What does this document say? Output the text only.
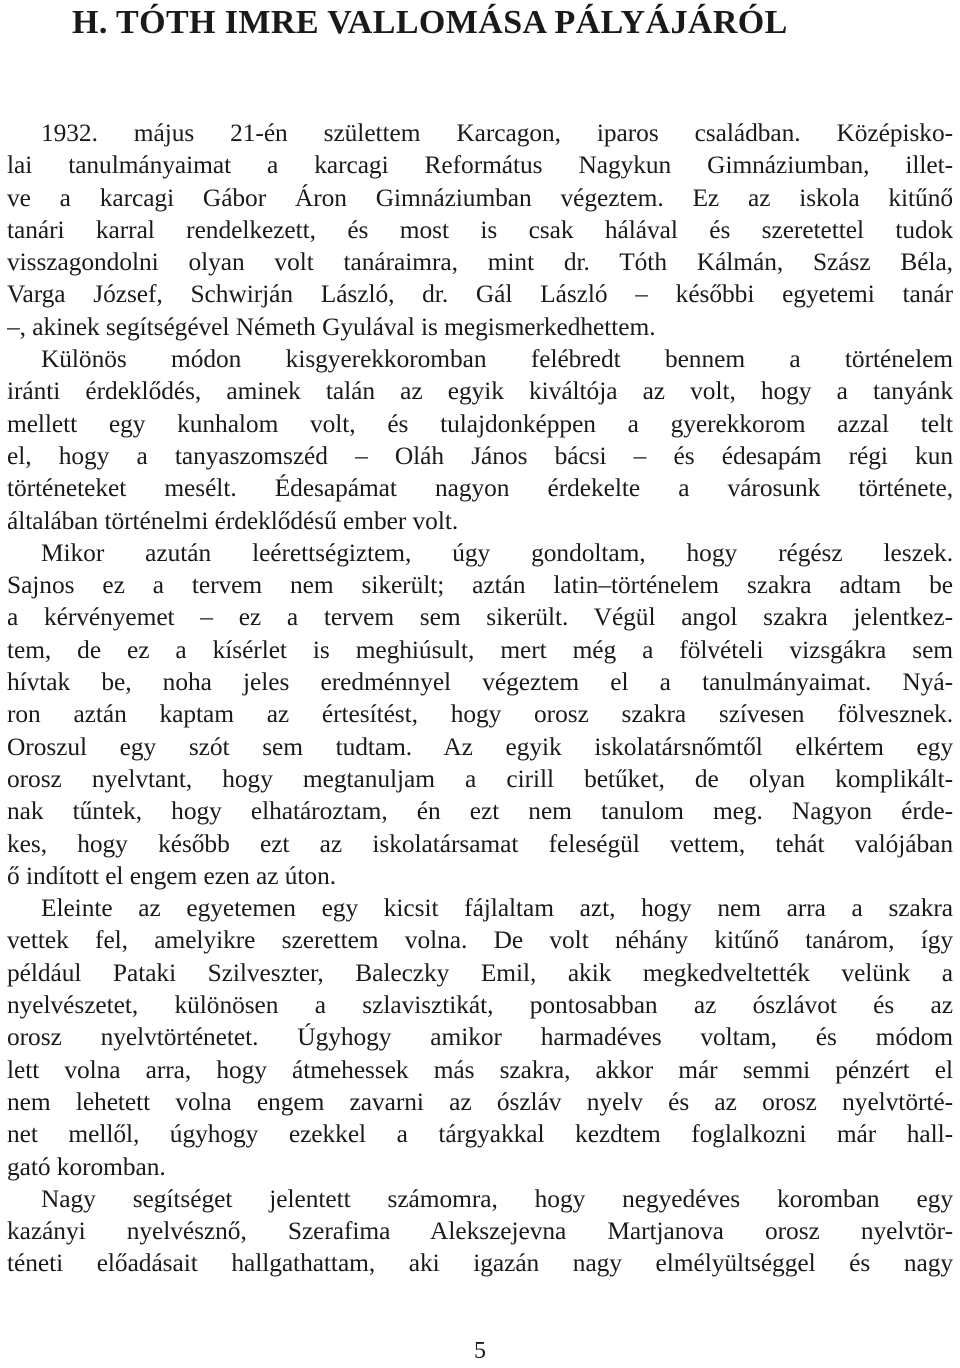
H. TÓTH IMRE VALLOMÁSA PÁLYÁJÁRÓL
1932. május 21-én születtem Karcagon, iparos családban. Középisko-
lai tanulmányaimat a karcagi Református Nagykun Gimnáziumban, illet-
ve a karcagi Gábor Áron Gimnáziumban végeztem. Ez az iskola kitűnő
tanári karral rendelkezett, és most is csak hálával és szeretettel tudok
visszagondolni olyan volt tanáraimra, mint dr. Tóth Kálmán, Szász Béla,
Varga József, Schwirján László, dr. Gál László – későbbi egyetemi tanár
–, akinek segítségével Németh Gyulával is megismerkedhettem.
Különös módon kisgyerekkoromban felébredt bennem a történelem
iránti érdeklődés, aminek talán az egyik kiváltója az volt, hogy a tanyánk
mellett egy kunhalom volt, és tulajdonképpen a gyerekkorom azzal telt
el, hogy a tanyaszomszéd – Oláh János bácsi – és édesapám régi kun
történeteket mesélt. Édesapámat nagyon érdekelte a városunk története,
általában történelmi érdeklődésű ember volt.
Mikor azután leérettségiztem, úgy gondoltam, hogy régész leszek.
Sajnos ez a tervem nem sikerült; aztán latin–történelem szakra adtam be
a kérvényemet – ez a tervem sem sikerült. Végül angol szakra jelentkez-
tem, de ez a kísérlet is meghiúsult, mert még a fölvételi vizsgákra sem
hívtak be, noha jeles eredménnyel végeztem el a tanulmányaimat. Nyá-
ron aztán kaptam az értesítést, hogy orosz szakra szívesen fölvesznek.
Oroszul egy szót sem tudtam. Az egyik iskolatársnőmtől elkértem egy
orosz nyelvtant, hogy megtanuljam a cirill betűket, de olyan komplikált-
nak tűntek, hogy elhatároztam, én ezt nem tanulom meg. Nagyon érde-
kes, hogy később ezt az iskolatársamat feleségül vettem, tehát valójában
ő indított el engem ezen az úton.
Eleinte az egyetemen egy kicsit fájlaltam azt, hogy nem arra a szakra
vettek fel, amelyikre szerettem volna. De volt néhány kitűnő tanárom, így
például Pataki Szilveszter, Baleczky Emil, akik megkedveltették velünk a
nyelvészetet, különösen a szlavisztikát, pontosabban az ószlávot és az
orosz nyelvtörténetet. Úgyhogy amikor harmadéves voltam, és módom
lett volna arra, hogy átmehessek más szakra, akkor már semmi pénzért el
nem lehetett volna engem zavarni az ószláv nyelv és az orosz nyelvtörté-
net mellől, úgyhogy ezekkel a tárgyakkal kezdtem foglalkozni már hall-
gató koromban.
Nagy segítséget jelentett számomra, hogy negyedéves koromban egy
kazányi nyelvésznő, Szerafima Alekszejevna Martjanova orosz nyelvtör-
téneti előadásait hallgathattam, aki igazán nagy elmélyültséggel és nagy
5
